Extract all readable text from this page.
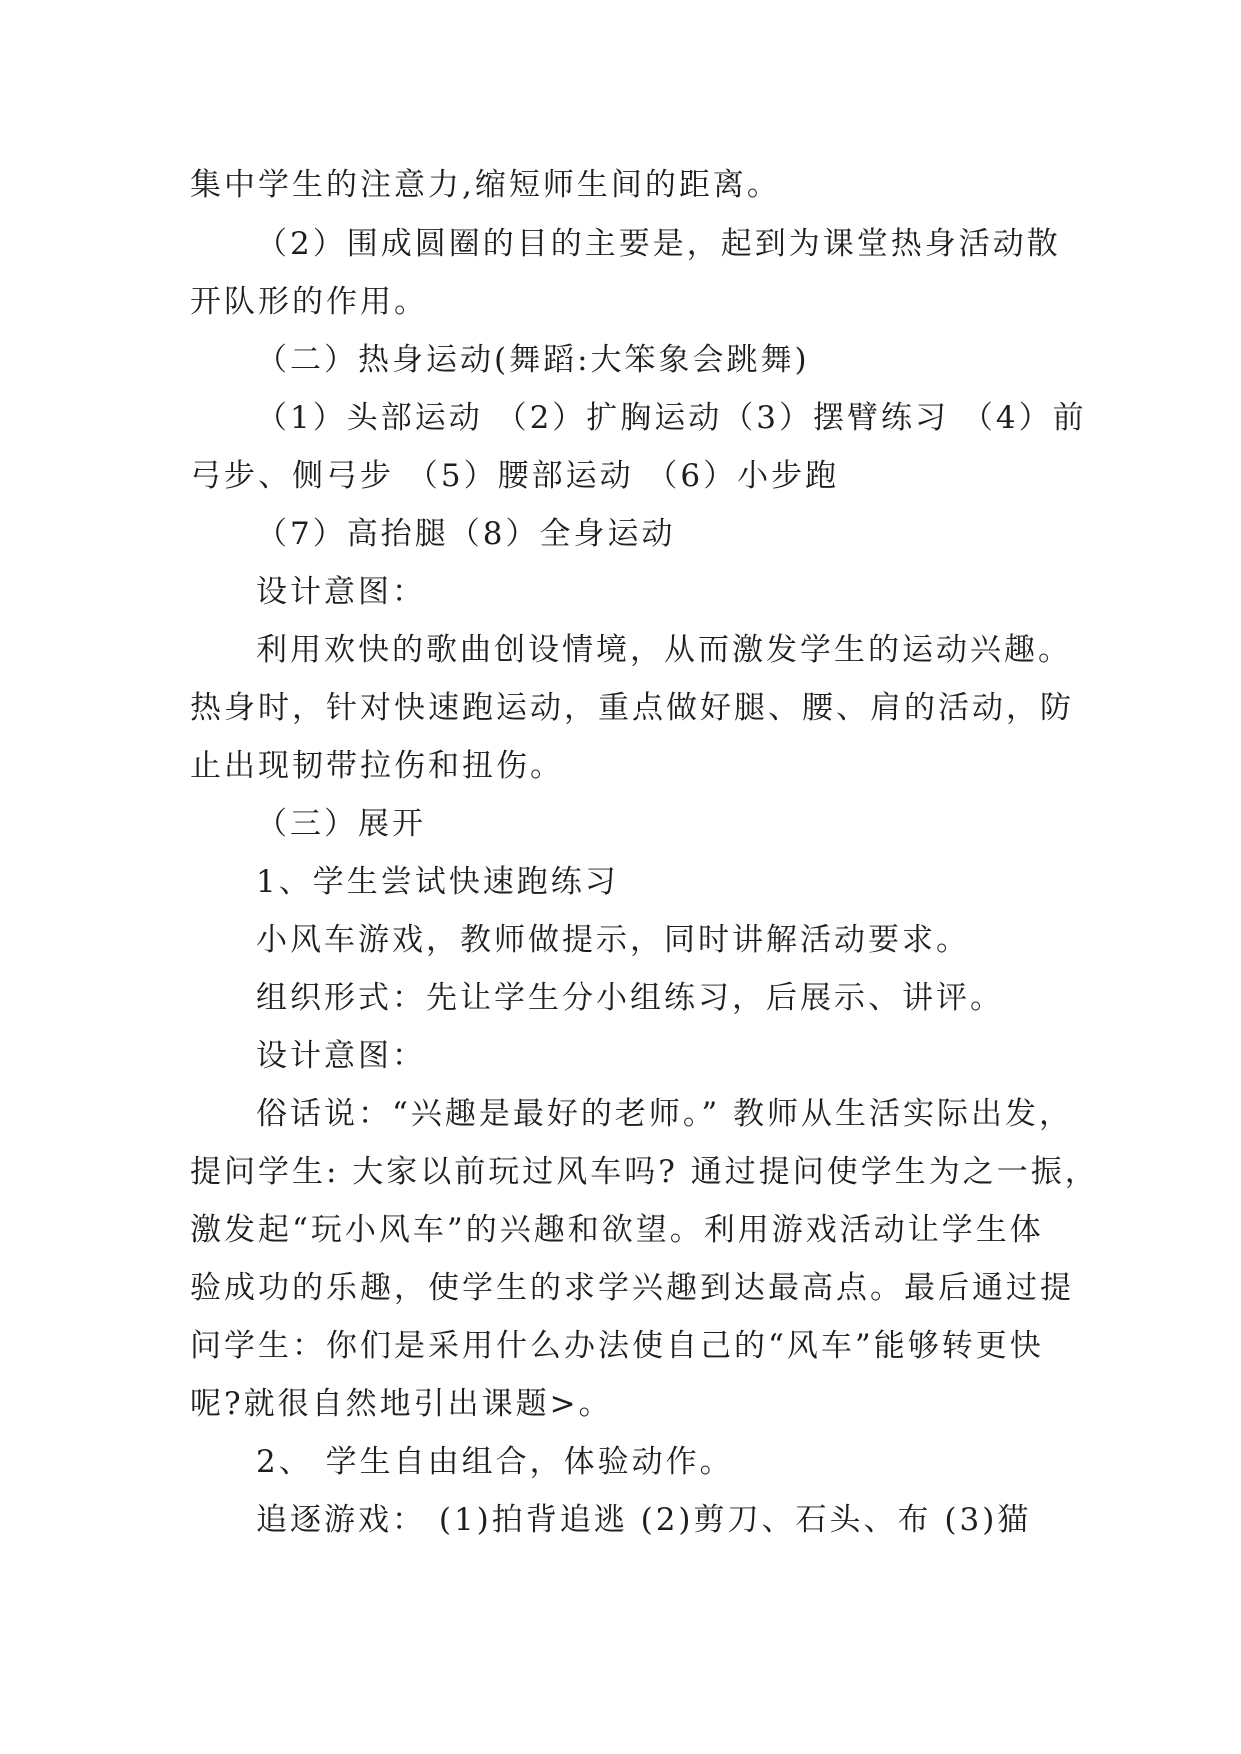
集中学生的注意力,缩短师生间的距离。
（2）围成圆圈的目的主要是，起到为课堂热身活动散
开队形的作用。
（二）热身运动(舞蹈:大笨象会跳舞)
（1）头部运动 （2）扩胸运动（3）摆臂练习 （4）前
弓步、侧弓步 （5）腰部运动 （6）小步跑
（7）高抬腿（8）全身运动
设计意图：
利用欢快的歌曲创设情境，从而激发学生的运动兴趣。
热身时，针对快速跑运动，重点做好腿、腰、肩的活动，防
止出现韧带拉伤和扭伤。
（三）展开
1、学生尝试快速跑练习
小风车游戏，教师做提示，同时讲解活动要求。
组织形式：先让学生分小组练习，后展示、讲评。
设计意图：
俗话说：“兴趣是最好的老师。” 教师从生活实际出发，
提问学生: 大家以前玩过风车吗? 通过提问使学生为之一振，
激发起“玩小风车”的兴趣和欲望。利用游戏活动让学生体
验成功的乐趣，使学生的求学兴趣到达最高点。最后通过提
问学生：你们是采用什么办法使自己的“风车”能够转更快
呢?就很自然地引出课题>。
2、 学生自由组合，体验动作。
追逐游戏： (1)拍背追逃 (2)剪刀、石头、布 (3)猫
